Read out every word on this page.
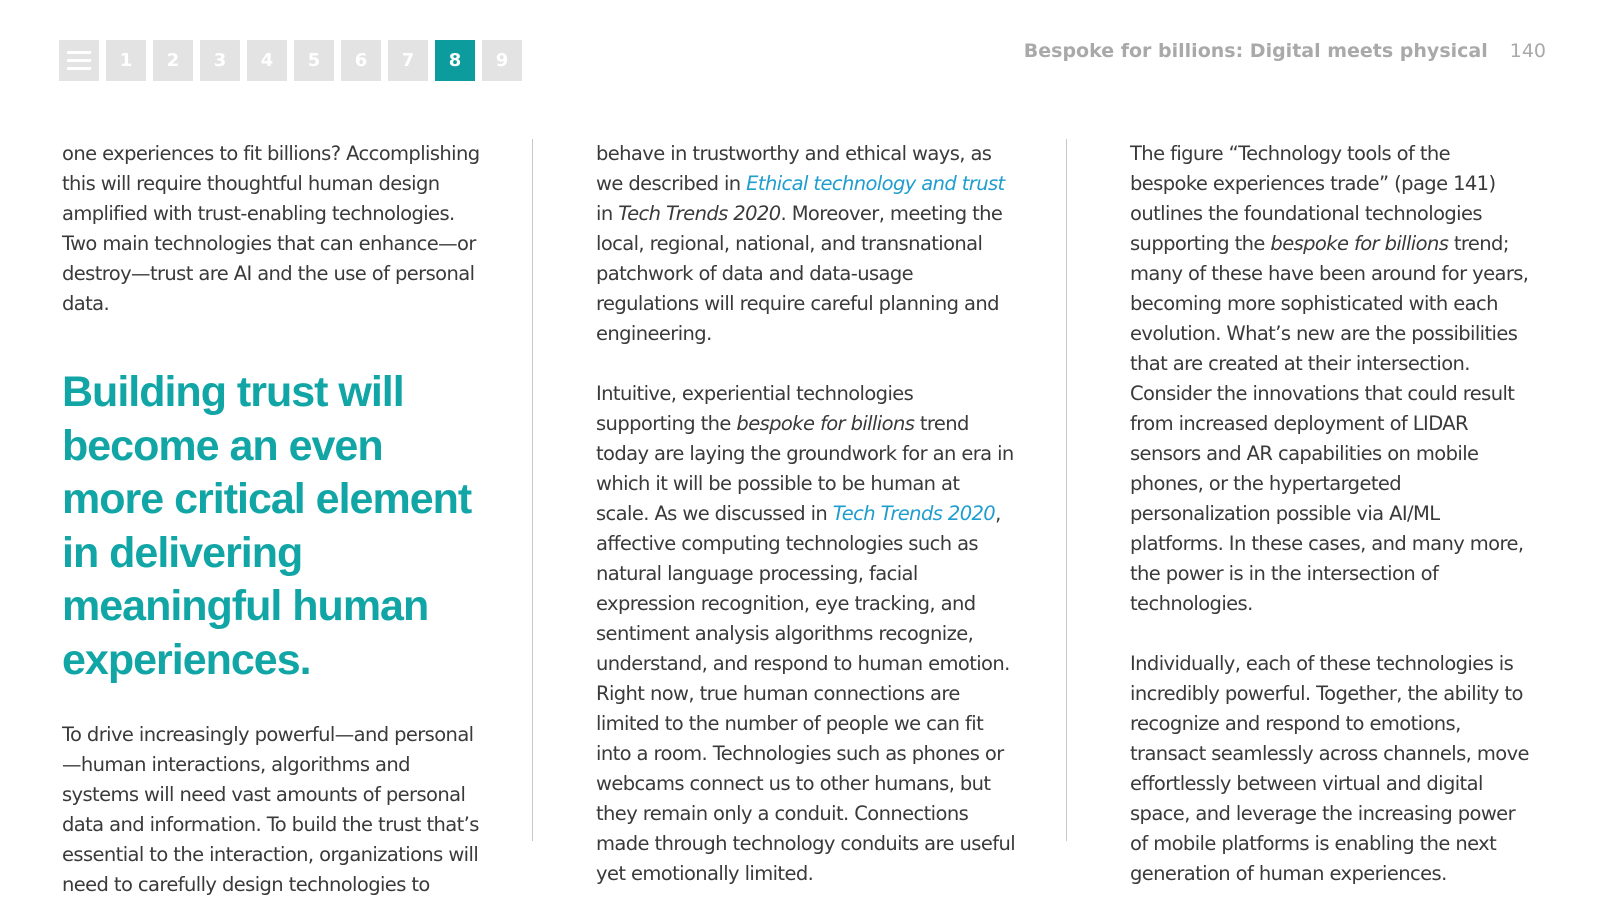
1	2	3	4	5	6	7	8	9	Bespoke for billions: Digital meets physical 140

one experiences to fit billions? Accomplishing this will require thoughtful human design amplified with trust-enabling technologies. Two main technologies that can enhance—or destroy—trust are AI and the use of personal data.

Building trust will become an even more critical element in delivering meaningful human experiences.

To drive increasingly powerful—and personal—human interactions, algorithms and systems will need vast amounts of personal data and information. To build the trust that’s essential to the interaction, organizations will need to carefully design technologies to

behave in trustworthy and ethical ways, as we described in Ethical technology and trust in Tech Trends 2020. Moreover, meeting the local, regional, national, and transnational patchwork of data and data-usage regulations will require careful planning and engineering.

Intuitive, experiential technologies supporting the bespoke for billions trend today are laying the groundwork for an era in which it will be possible to be human at scale. As we discussed in Tech Trends 2020, affective computing technologies such as natural language processing, facial expression recognition, eye tracking, and sentiment analysis algorithms recognize, understand, and respond to human emotion. Right now, true human connections are limited to the number of people we can fit into a room. Technologies such as phones or webcams connect us to other humans, but they remain only a conduit. Connections made through technology conduits are useful yet emotionally limited.

The figure “Technology tools of the bespoke experiences trade” (page 141) outlines the foundational technologies supporting the bespoke for billions trend; many of these have been around for years, becoming more sophisticated with each evolution. What’s new are the possibilities that are created at their intersection. Consider the innovations that could result from increased deployment of LIDAR sensors and AR capabilities on mobile phones, or the hypertargeted personalization possible via AI/ML platforms. In these cases, and many more, the power is in the intersection of technologies.

Individually, each of these technologies is incredibly powerful. Together, the ability to recognize and respond to emotions, transact seamlessly across channels, move effortlessly between virtual and digital space, and leverage the increasing power of mobile platforms is enabling the next generation of human experiences.
